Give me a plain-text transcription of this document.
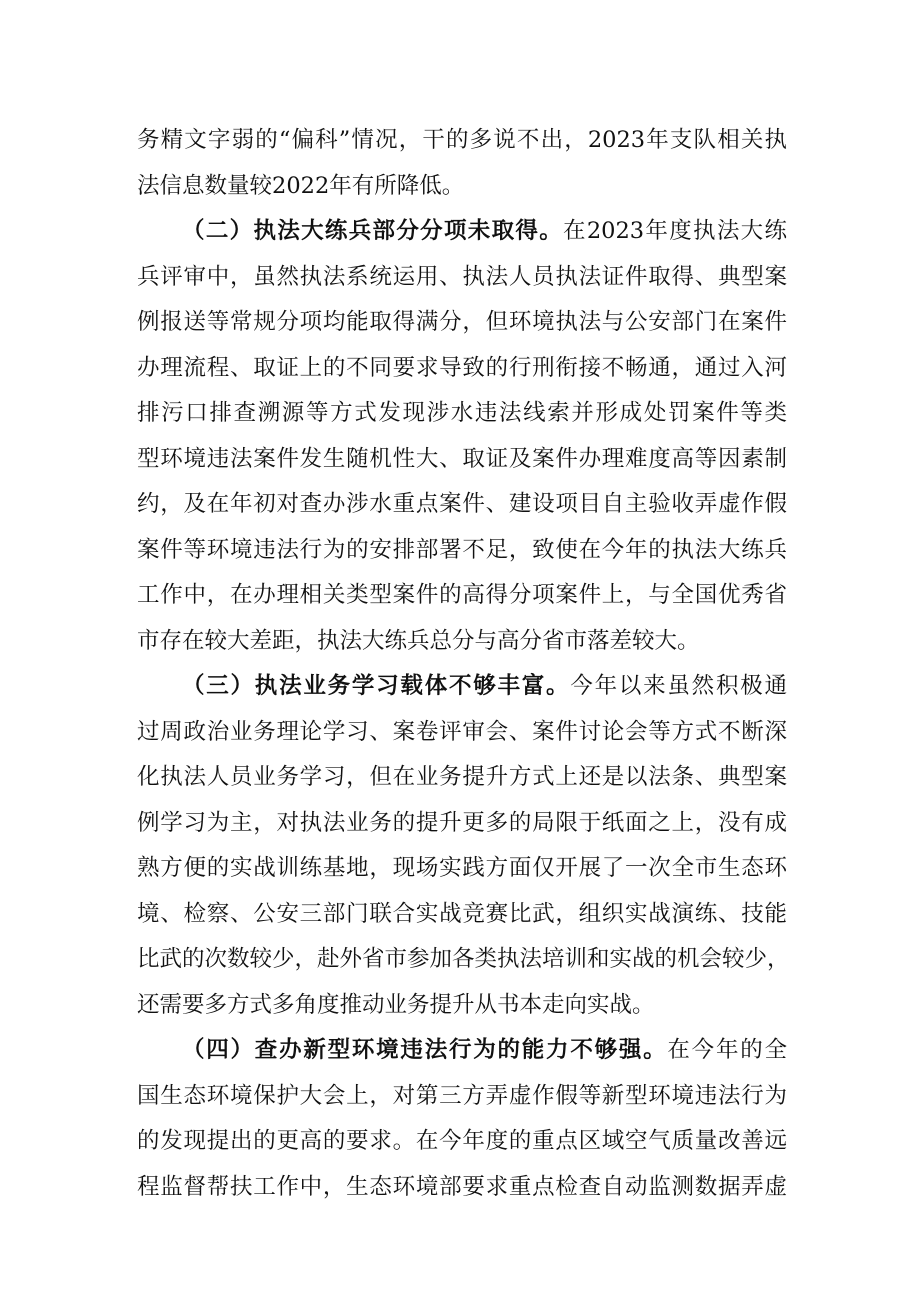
务精文字弱的“偏科”情况，干的多说不出，2023年支队相关执
法信息数量较2022年有所降低。
（二）执法大练兵部分分项未取得。在2023年度执法大练
兵评审中，虽然执法系统运用、执法人员执法证件取得、典型案
例报送等常规分项均能取得满分，但环境执法与公安部门在案件
办理流程、取证上的不同要求导致的行刑衔接不畅通，通过入河
排污口排查溯源等方式发现涉水违法线索并形成处罚案件等类
型环境违法案件发生随机性大、取证及案件办理难度高等因素制
约，及在年初对查办涉水重点案件、建设项目自主验收弄虚作假
案件等环境违法行为的安排部署不足，致使在今年的执法大练兵
工作中，在办理相关类型案件的高得分项案件上，与全国优秀省
市存在较大差距，执法大练兵总分与高分省市落差较大。
（三）执法业务学习载体不够丰富。今年以来虽然积极通
过周政治业务理论学习、案卷评审会、案件讨论会等方式不断深
化执法人员业务学习，但在业务提升方式上还是以法条、典型案
例学习为主，对执法业务的提升更多的局限于纸面之上，没有成
熟方便的实战训练基地，现场实践方面仅开展了一次全市生态环
境、检察、公安三部门联合实战竞赛比武，组织实战演练、技能
比武的次数较少，赴外省市参加各类执法培训和实战的机会较少，
还需要多方式多角度推动业务提升从书本走向实战。
（四）查办新型环境违法行为的能力不够强。在今年的全
国生态环境保护大会上，对第三方弄虚作假等新型环境违法行为
的发现提出的更高的要求。在今年度的重点区域空气质量改善远
程监督帮扶工作中，生态环境部要求重点检查自动监测数据弄虚
